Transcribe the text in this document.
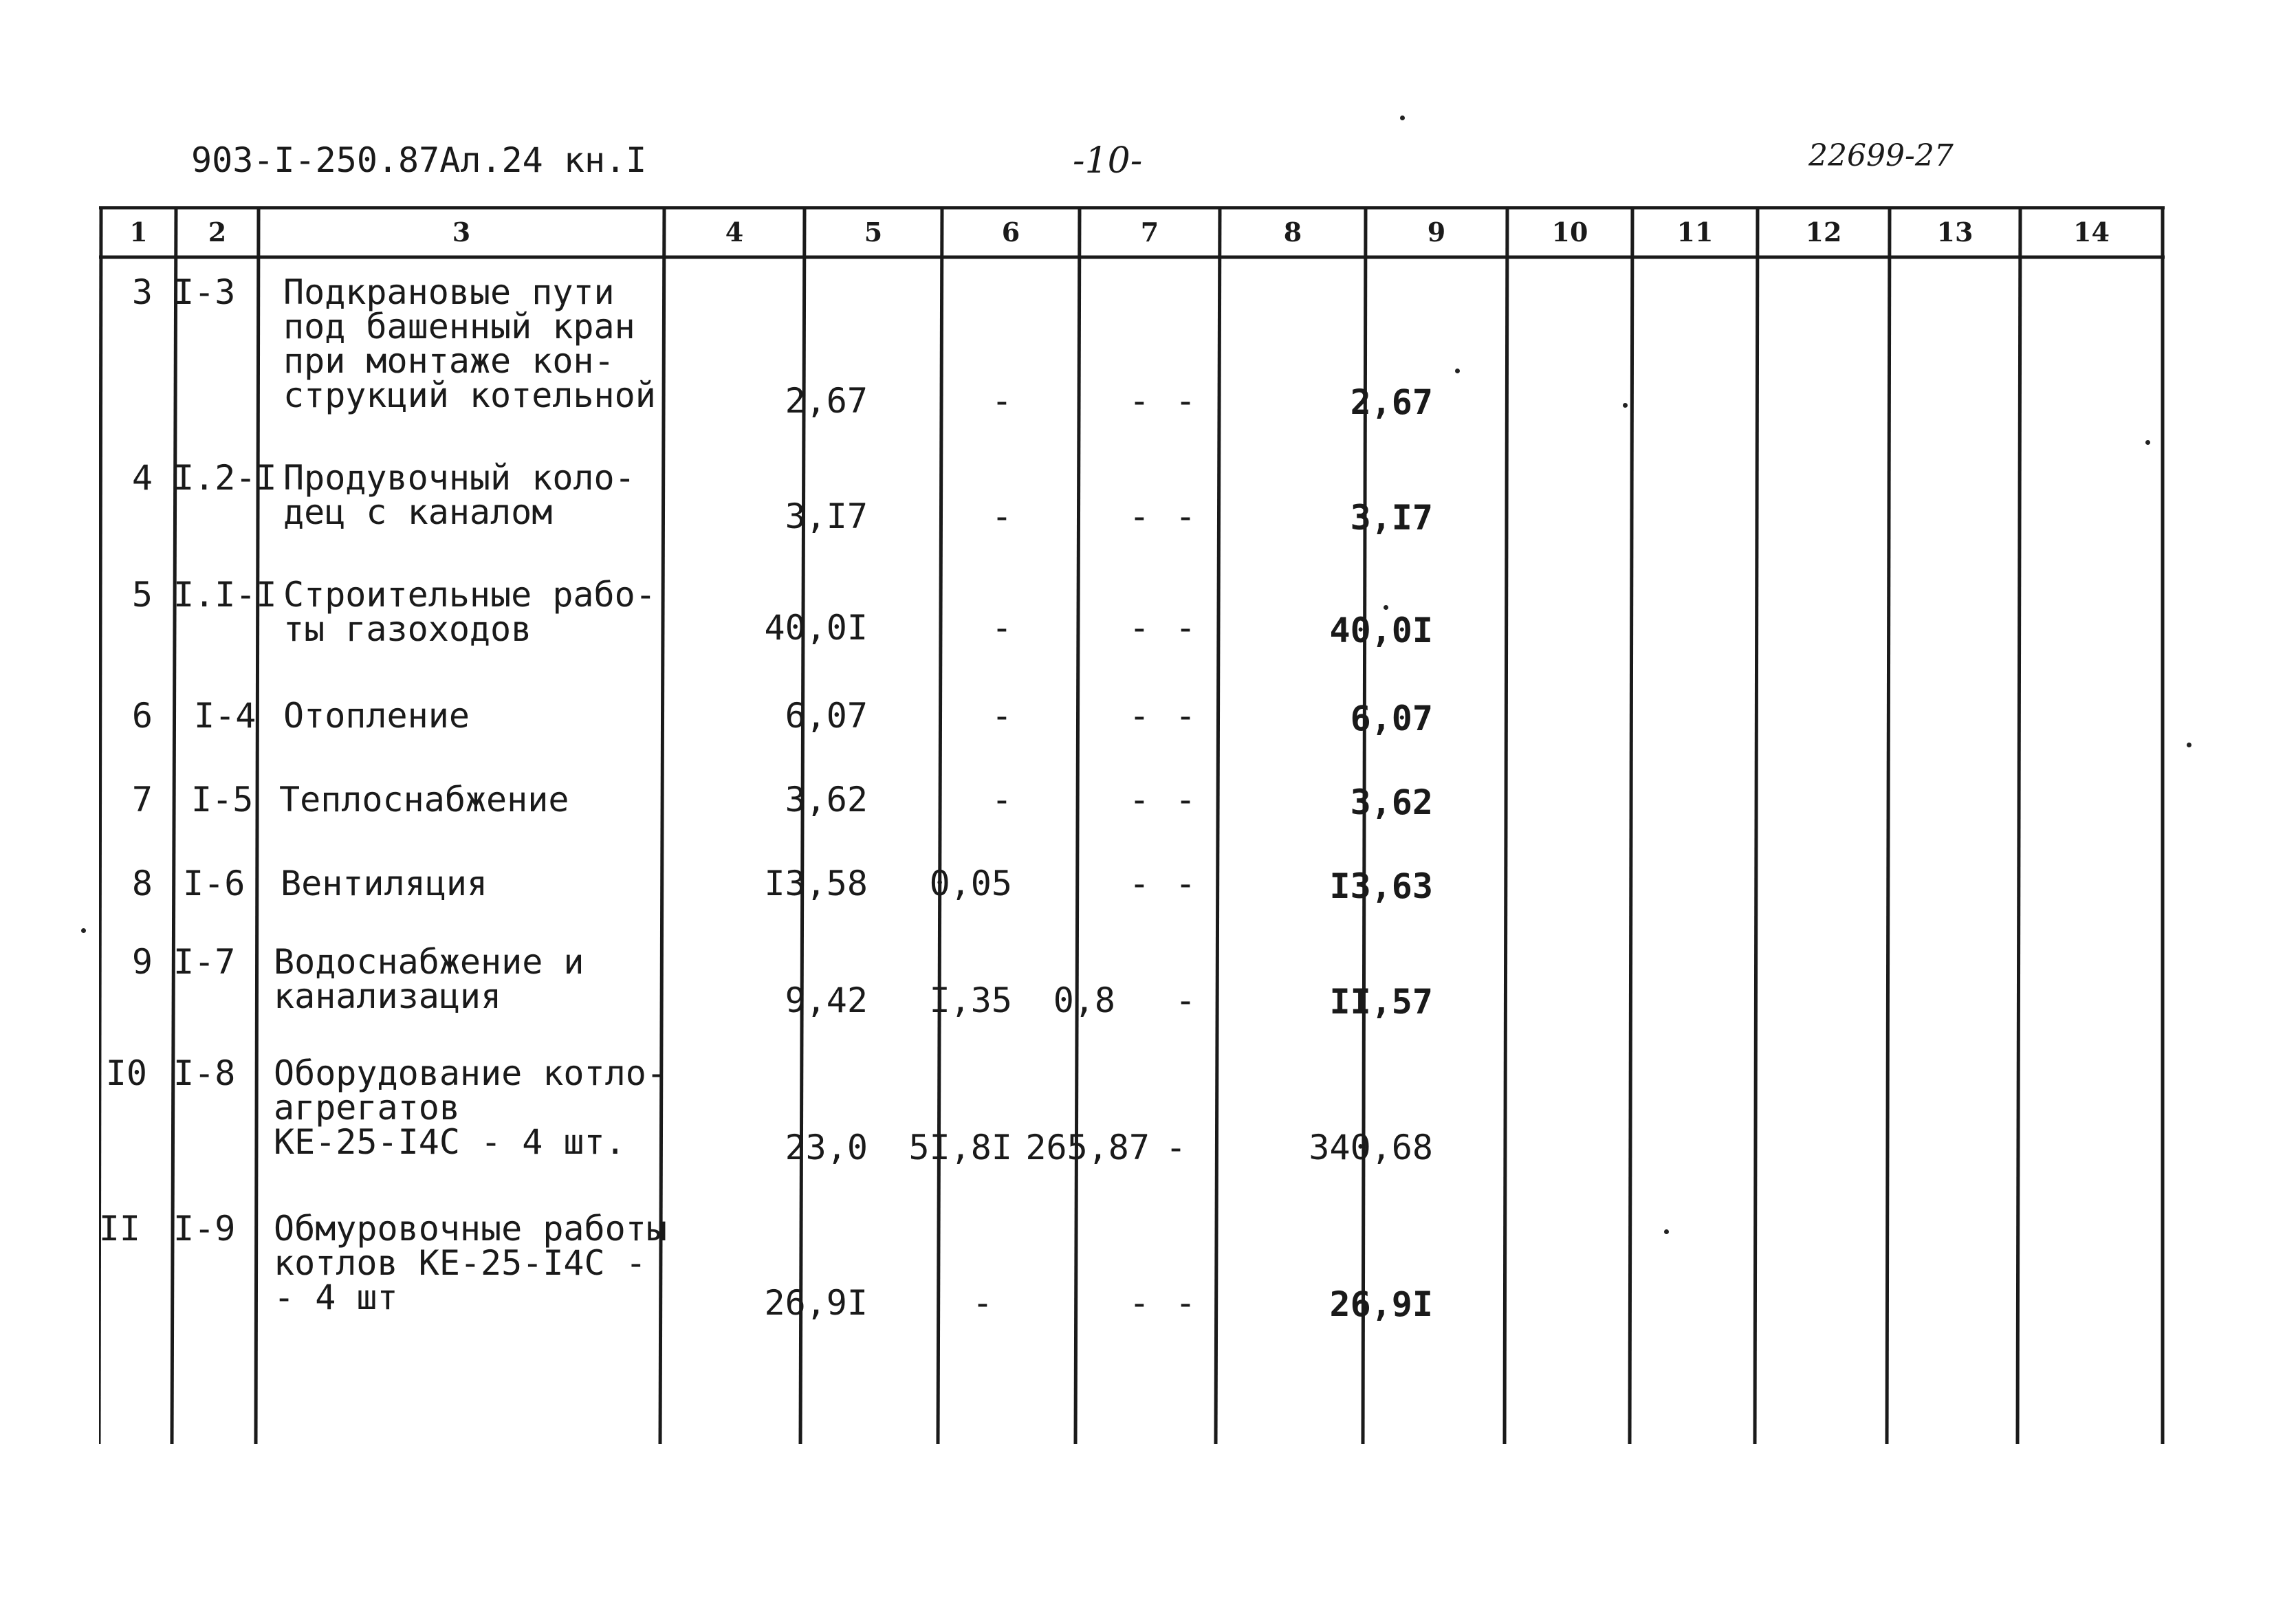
903-I-250.87Ал.24 кн.I	-10-	22699-27
1	2	3	4	5	6	7	8	9	10	11	12	13	14
3 I-3	Подкрановые пути
под башенный кран
при монтаже кон-
струкций котельной	2,67	-	- -	2,67
4 I.2-I Продувочный коло-
дец с каналом	3,I7	-	- -	3,I7
5 I.I-I Строительные рабо-
ты газоходов	40,0I	-	- -	40,0I
6 I-4 Отопление	6,07	-	- -	6,07
7 I-5 Теплоснабжение	3,62	-	- -	3,62
8 I-6	Вентиляция	I3,58	0,05	- -	I3,63
9 I-7	Водоснабжение и
канализация	9,42	I,35	0,8	-	II,57
I0 I-8	Оборудование котло-
агрегатов
КЕ-25-I4С - 4 шт.	23,0	5I,8I 265,87 -	340,68
II I-9	Обмуровочные работы
котлов КЕ-25-I4С -
- 4 шт	26,9I	-	- -	26,9I
